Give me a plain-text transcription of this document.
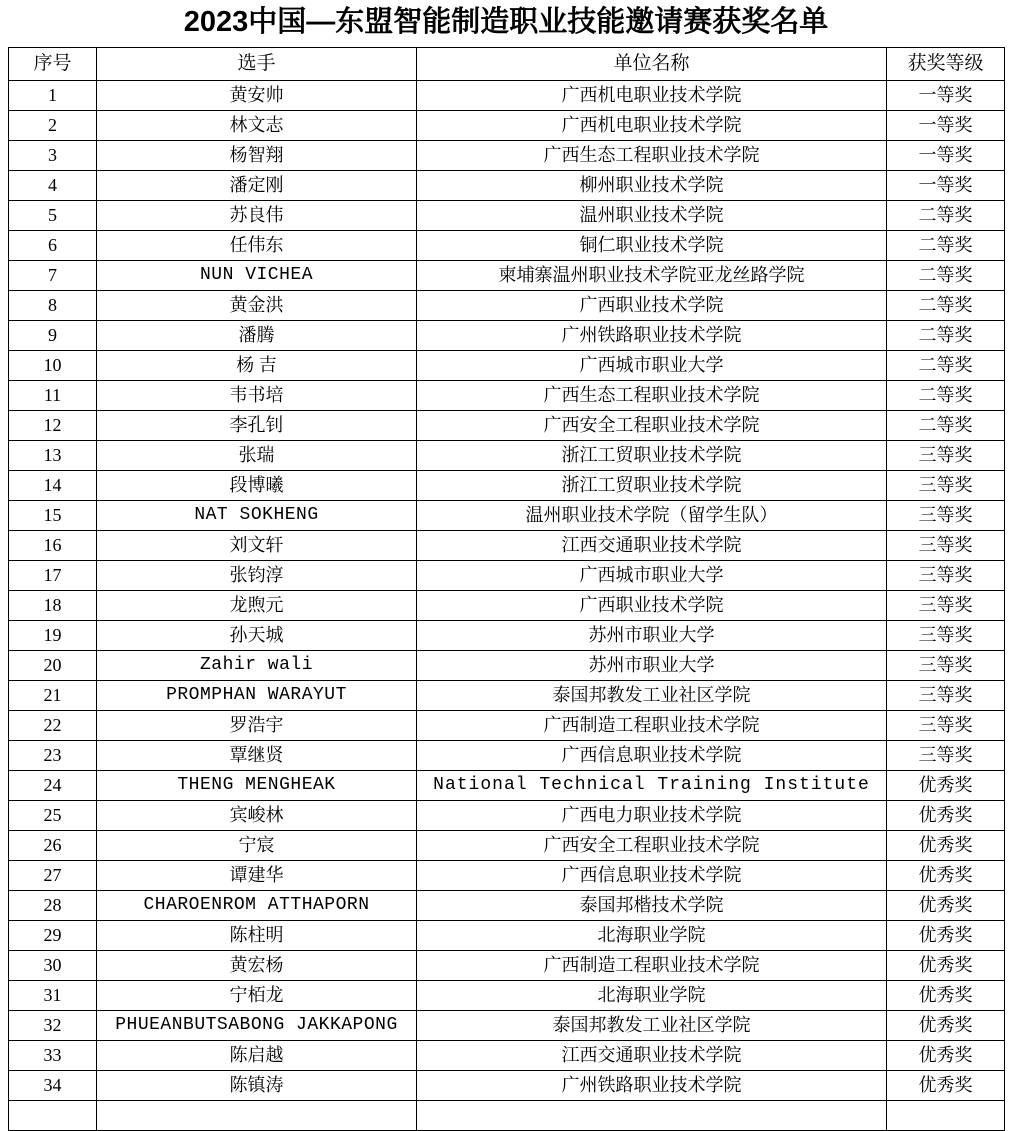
2023中国—东盟智能制造职业技能邀请赛获奖名单
序号	选手	单位名称	获奖等级
1	黄安帅	广西机电职业技术学院	一等奖
2	林文志	广西机电职业技术学院	一等奖
3	杨智翔	广西生态工程职业技术学院	一等奖
4	潘定刚	柳州职业技术学院	一等奖
5	苏良伟	温州职业技术学院	二等奖
6	任伟东	铜仁职业技术学院	二等奖
7	NUN VICHEA	柬埔寨温州职业技术学院亚龙丝路学院	二等奖
8	黄金洪	广西职业技术学院	二等奖
9	潘腾	广州铁路职业技术学院	二等奖
10	杨 吉	广西城市职业大学	二等奖
11	韦书培	广西生态工程职业技术学院	二等奖
12	李孔钊	广西安全工程职业技术学院	二等奖
13	张瑞	浙江工贸职业技术学院	三等奖
14	段博曦	浙江工贸职业技术学院	三等奖
15	NAT SOKHENG	温州职业技术学院（留学生队）	三等奖
16	刘文轩	江西交通职业技术学院	三等奖
17	张钧淳	广西城市职业大学	三等奖
18	龙煦元	广西职业技术学院	三等奖
19	孙天城	苏州市职业大学	三等奖
20	Zahir wali	苏州市职业大学	三等奖
21	PROMPHAN WARAYUT	泰国邦教发工业社区学院	三等奖
22	罗浩宇	广西制造工程职业技术学院	三等奖
23	覃继贤	广西信息职业技术学院	三等奖
24	THENG MENGHEAK	National Technical Training Institute	优秀奖
25	宾峻林	广西电力职业技术学院	优秀奖
26	宁宸	广西安全工程职业技术学院	优秀奖
27	谭建华	广西信息职业技术学院	优秀奖
28	CHAROENROM ATTHAPORN	泰国邦楷技术学院	优秀奖
29	陈柱明	北海职业学院	优秀奖
30	黄宏杨	广西制造工程职业技术学院	优秀奖
31	宁栢龙	北海职业学院	优秀奖
32	PHUEANBUTSABONG JAKKAPONG	泰国邦教发工业社区学院	优秀奖
33	陈启越	江西交通职业技术学院	优秀奖
34	陈镇涛	广州铁路职业技术学院	优秀奖
